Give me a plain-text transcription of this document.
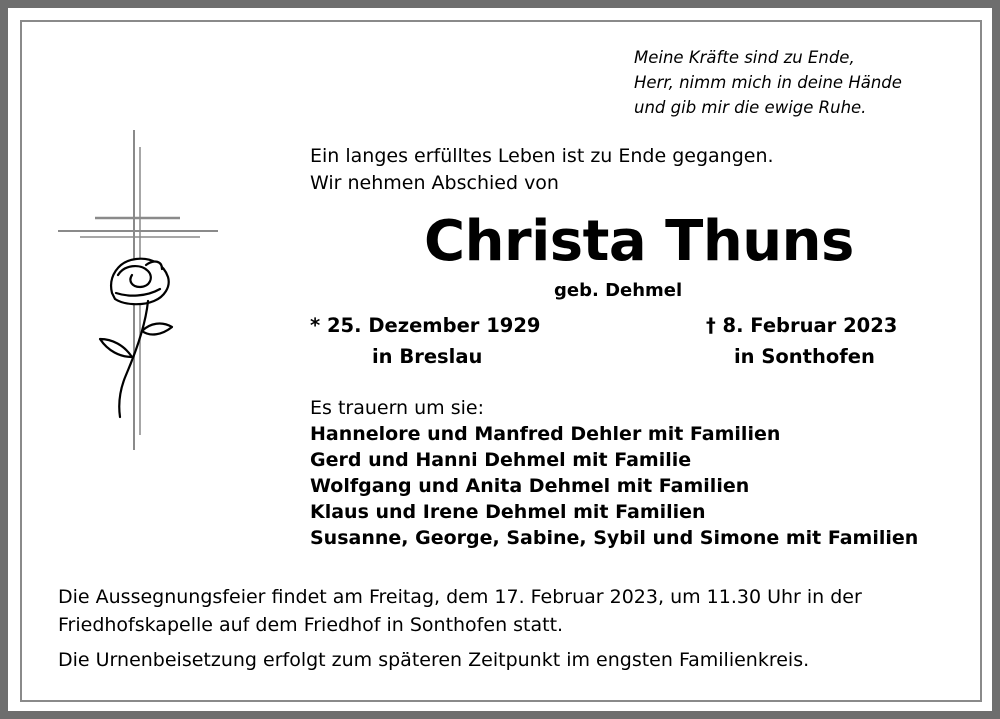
Meine Kräfte sind zu Ende,
Herr, nimm mich in deine Hände
und gib mir die ewige Ruhe.
Ein langes erfülltes Leben ist zu Ende gegangen.
Wir nehmen Abschied von
Christa Thuns
geb. Dehmel
* 25. Dezember 1929
in Breslau
† 8. Februar 2023
in Sonthofen
Es trauern um sie:
Hannelore und Manfred Dehler mit Familien
Gerd und Hanni Dehmel mit Familie
Wolfgang und Anita Dehmel mit Familien
Klaus und Irene Dehmel mit Familien
Susanne, George, Sabine, Sybil und Simone mit Familien
Die Aussegnungsfeier findet am Freitag, dem 17. Februar 2023, um 11.30 Uhr in der
Friedhofskapelle auf dem Friedhof in Sonthofen statt.
Die Urnenbeisetzung erfolgt zum späteren Zeitpunkt im engsten Familienkreis.
